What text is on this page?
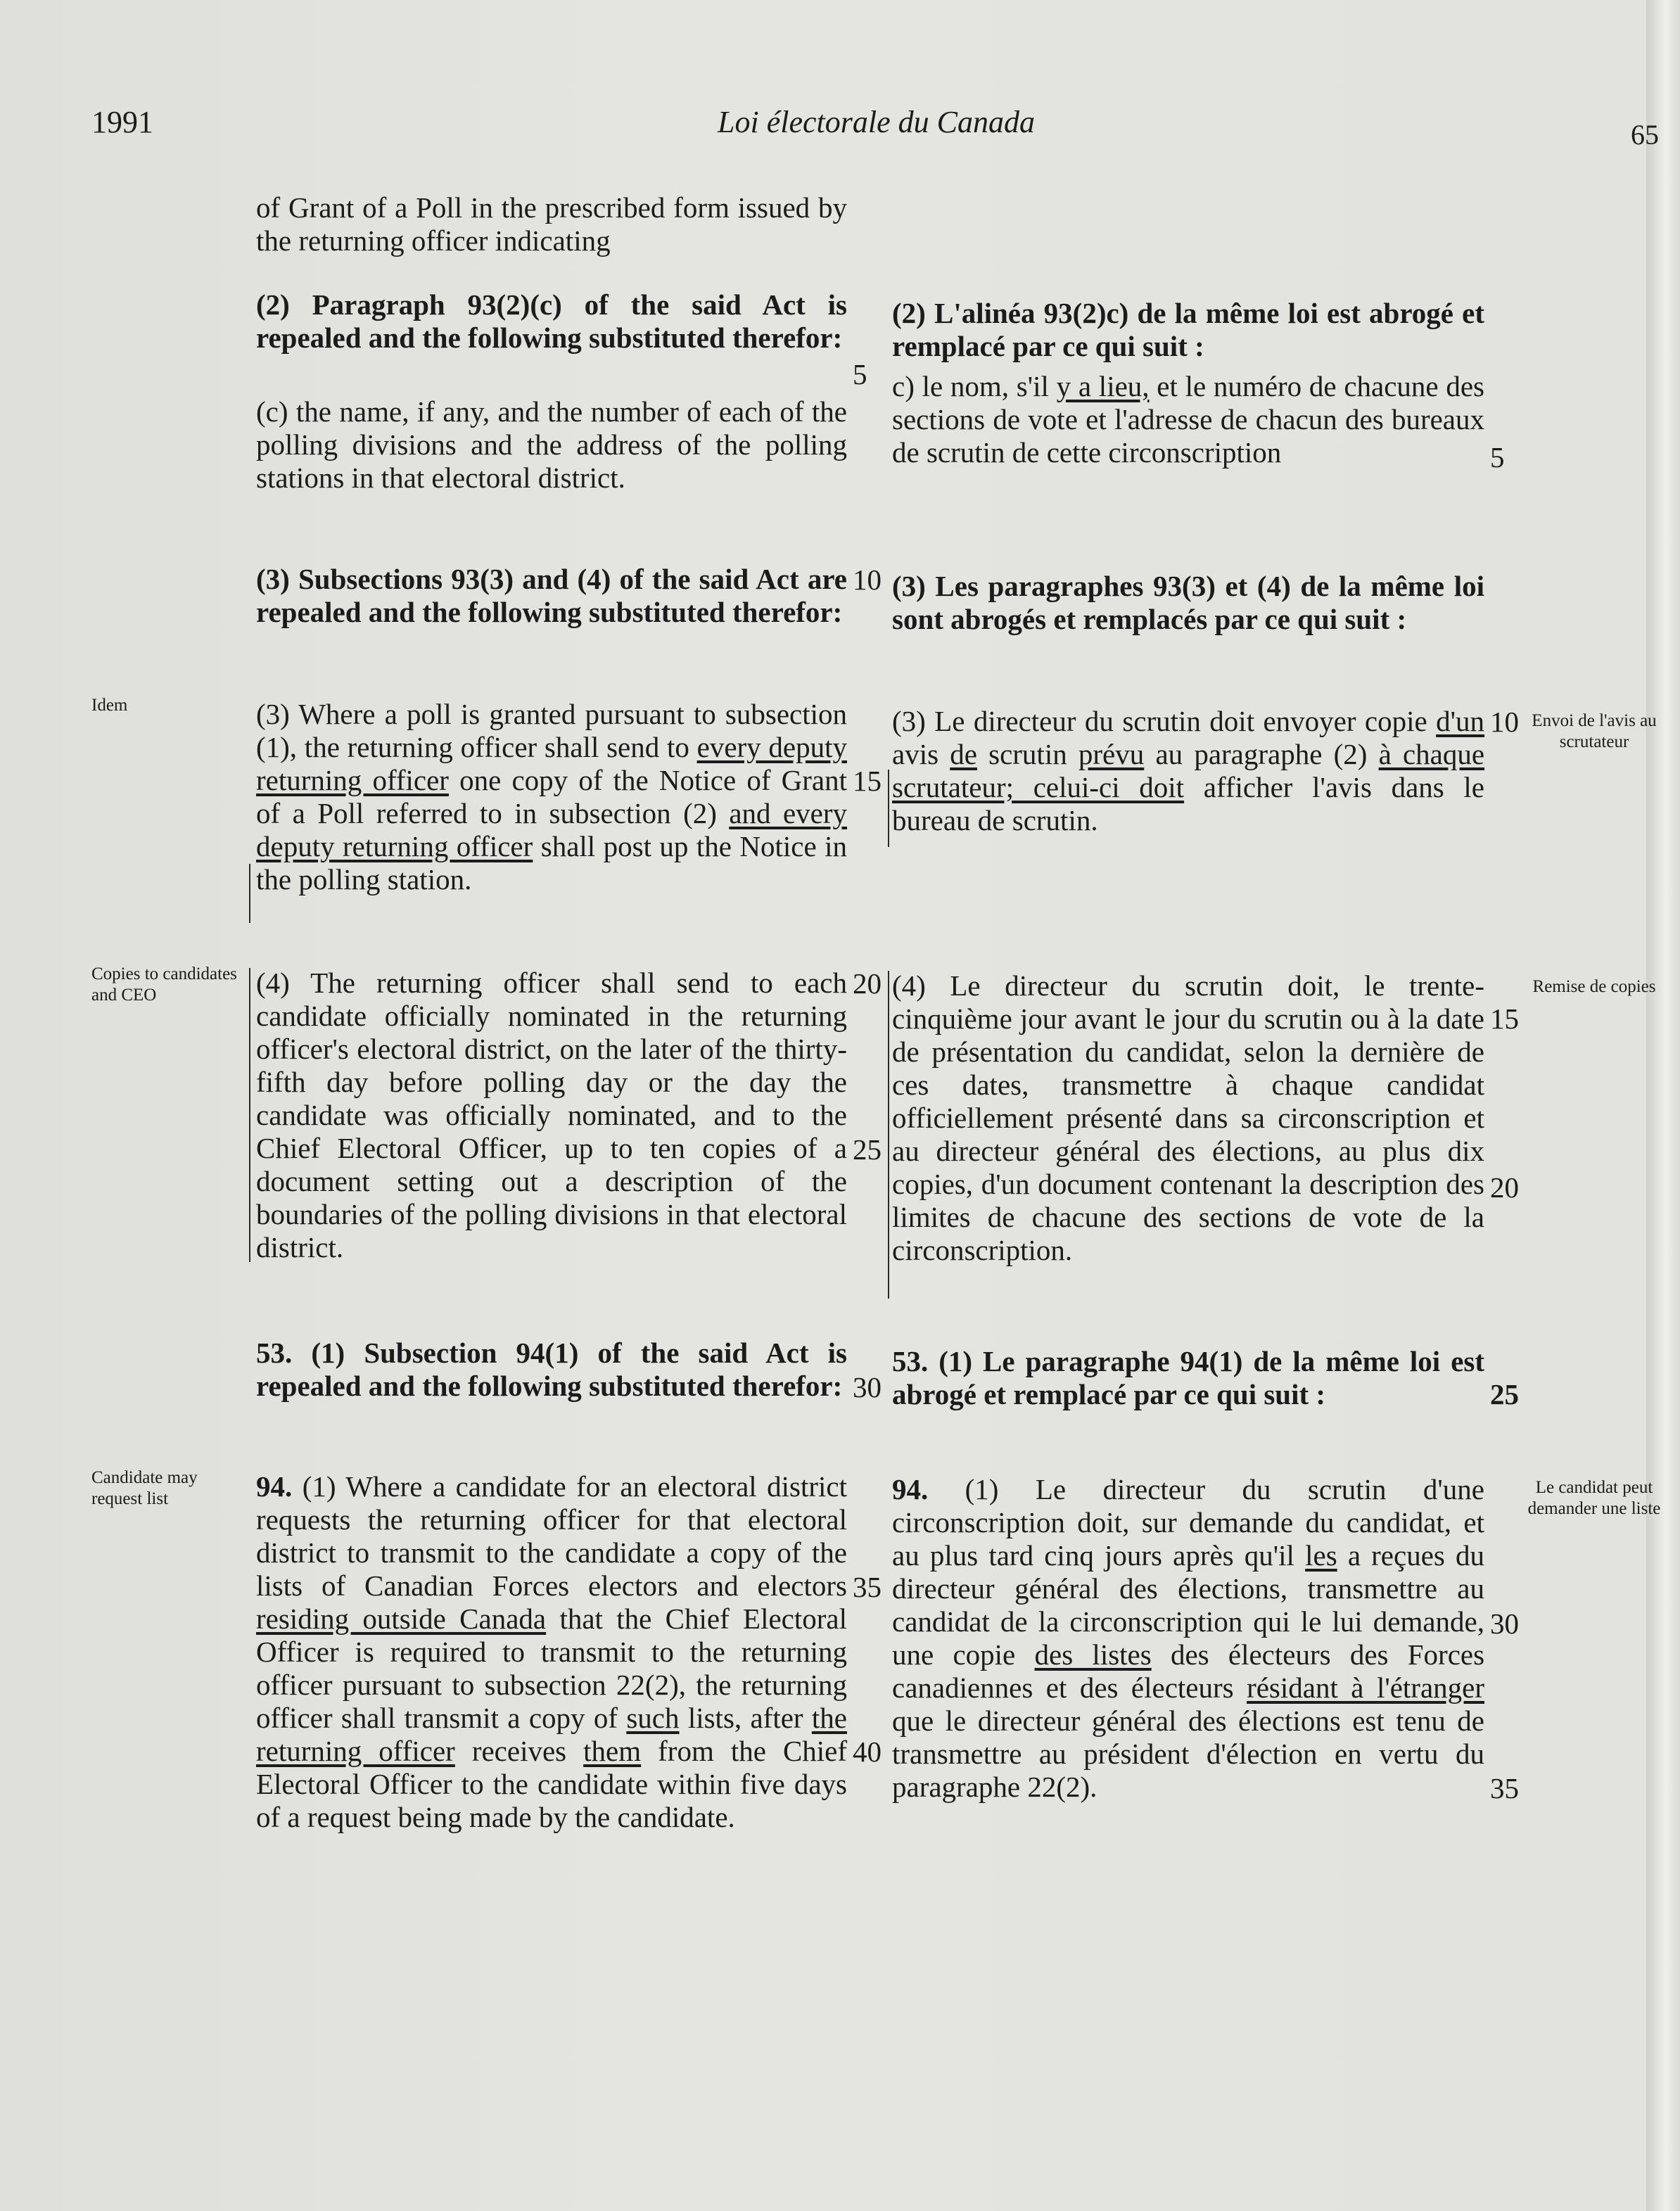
1991	Loi électorale du Canada	65

of Grant of a Poll in the prescribed form issued by the returning officer indicating

(2) Paragraph 93(2)(c) of the said Act is repealed and the following substituted therefor:

(c) the name, if any, and the number of each of the polling divisions and the address of the polling stations in that electoral district.

5

(2) L'alinéa 93(2)c) de la même loi est abrogé et remplacé par ce qui suit :

c) le nom, s'il y a lieu, et le numéro de chacune des sections de vote et l'adresse de chacun des bureaux de scrutin de cette circonscription	5

(3) Subsections 93(3) and (4) of the said Act are repealed and the following substituted therefor:

10 (3) Les paragraphes 93(3) et (4) de la même loi sont abrogés et remplacés par ce qui suit :

Idem
Envoi de l'avis au scrutateur

(3) Where a poll is granted pursuant to subsection (1), the returning officer shall send to every deputy returning officer one copy of the Notice of Grant of a Poll referred to in subsection (2) and every deputy returning officer shall post up the Notice in the polling station.

15

(3) Le directeur du scrutin doit envoyer copie d'un avis de scrutin prévu au paragraphe (2) à chaque scrutateur; celui-ci doit afficher l'avis dans le bureau de scrutin.

10
Copies to candidates and CEO	Remise de copies

(4) The returning officer shall send to each candidate officially nominated in the returning officer's electoral district, on the later of the thirty-fifth day before polling day or the day the candidate was officially nominated, and to the Chief Electoral Officer, up to ten copies of a document setting out a description of the boundaries of the polling divisions in that electoral district.

20
25

(4) Le directeur du scrutin doit, le trente-cinquième jour avant le jour du scrutin ou à la date de présentation du candidat, selon la dernière de ces dates, transmettre à chaque candidat officiellement présenté dans sa circonscription et au directeur général des élections, au plus dix copies, d'un document contenant la description des limites de chacune des sections de vote de la circonscription.

15
20

53. (1) Subsection 94(1) of the said Act is repealed and the following substituted therefor: 30

53. (1) Le paragraphe 94(1) de la même loi est abrogé et remplacé par ce qui suit :	25
Candidate may request list
Le candidat peut demander une liste

94. (1) Where a candidate for an electoral district requests the returning officer for that electoral district to transmit to the candidate a copy of the lists of Canadian Forces electors and electors residing outside Canada that the Chief Electoral Officer is required to transmit to the returning officer pursuant to subsection 22(2), the returning officer shall transmit a copy of such lists, after the returning officer receives them from the Chief Electoral Officer to the candidate within five days of a request being made by the candidate.

35
40

94. (1) Le directeur du scrutin d'une circonscription doit, sur demande du candidat, et au plus tard cinq jours après qu'il les a reçues du directeur général des élections, transmettre au candidat de la circonscription qui le lui demande, une copie des listes des électeurs des Forces canadiennes et des électeurs résidant à l'étranger que le directeur général des élections est tenu de transmettre au président d'élection en vertu du paragraphe 22(2).

30
35
